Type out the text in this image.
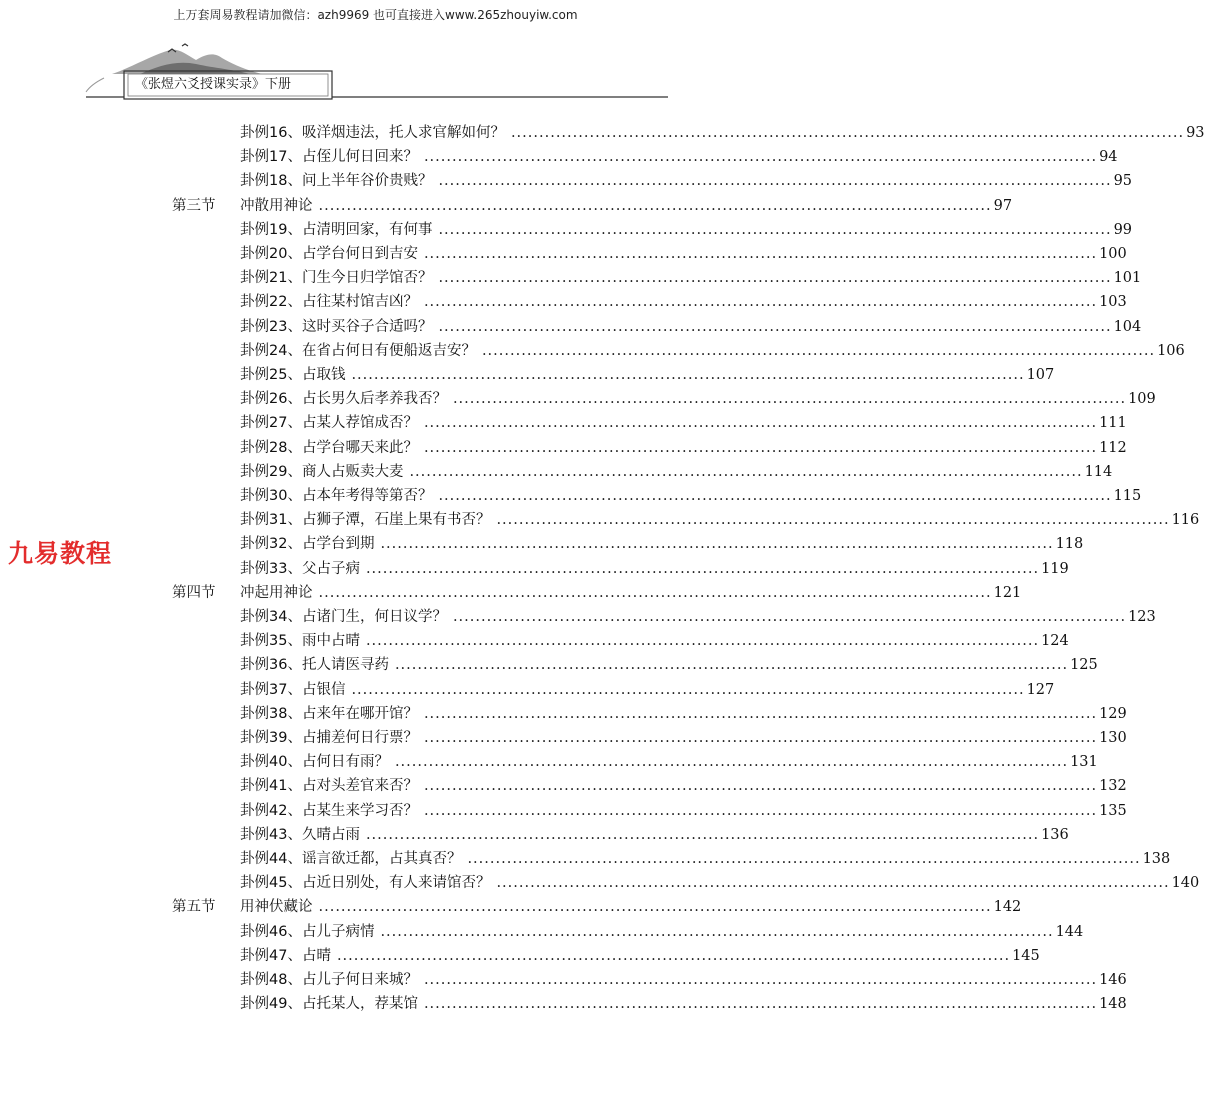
上万套周易教程请加微信：azh9969 也可直接进入www.265zhouyiw.com
《张煜六爻授课实录》下册
九易教程
卦例16、吸洋烟违法，托人求官解如何？ ........................................................................................................................ 93
卦例17、占侄儿何日回来？ ........................................................................................................................ 94
卦例18、问上半年谷价贵贱？ ........................................................................................................................ 95
第三节 冲散用神论 ........................................................................................................................ 97
卦例19、占清明回家，有何事 ........................................................................................................................ 99
卦例20、占学台何日到吉安 ........................................................................................................................ 100
卦例21、门生今日归学馆否？ ........................................................................................................................ 101
卦例22、占往某村馆吉凶？ ........................................................................................................................ 103
卦例23、这时买谷子合适吗？ ........................................................................................................................ 104
卦例24、在省占何日有便船返吉安？ ........................................................................................................................ 106
卦例25、占取钱 ........................................................................................................................ 107
卦例26、占长男久后孝养我否？ ........................................................................................................................ 109
卦例27、占某人荐馆成否？ ........................................................................................................................ 111
卦例28、占学台哪天来此？ ........................................................................................................................ 112
卦例29、商人占贩卖大麦 ........................................................................................................................ 114
卦例30、占本年考得等第否？ ........................................................................................................................ 115
卦例31、占狮子潭，石崖上果有书否？ ........................................................................................................................ 116
卦例32、占学台到期 ........................................................................................................................ 118
卦例33、父占子病 ........................................................................................................................ 119
第四节 冲起用神论 ........................................................................................................................ 121
卦例34、占诸门生，何日议学？ ........................................................................................................................ 123
卦例35、雨中占晴 ........................................................................................................................ 124
卦例36、托人请医寻药 ........................................................................................................................ 125
卦例37、占银信 ........................................................................................................................ 127
卦例38、占来年在哪开馆？ ........................................................................................................................ 129
卦例39、占捕差何日行票？ ........................................................................................................................ 130
卦例40、占何日有雨？ ........................................................................................................................ 131
卦例41、占对头差官来否？ ........................................................................................................................ 132
卦例42、占某生来学习否？ ........................................................................................................................ 135
卦例43、久晴占雨 ........................................................................................................................ 136
卦例44、谣言欲迁都，占其真否？ ........................................................................................................................ 138
卦例45、占近日别处，有人来请馆否？ ........................................................................................................................ 140
第五节 用神伏藏论 ........................................................................................................................ 142
卦例46、占儿子病情 ........................................................................................................................ 144
卦例47、占晴 ........................................................................................................................ 145
卦例48、占儿子何日来城？ ........................................................................................................................ 146
卦例49、占托某人，荐某馆 ........................................................................................................................ 148
